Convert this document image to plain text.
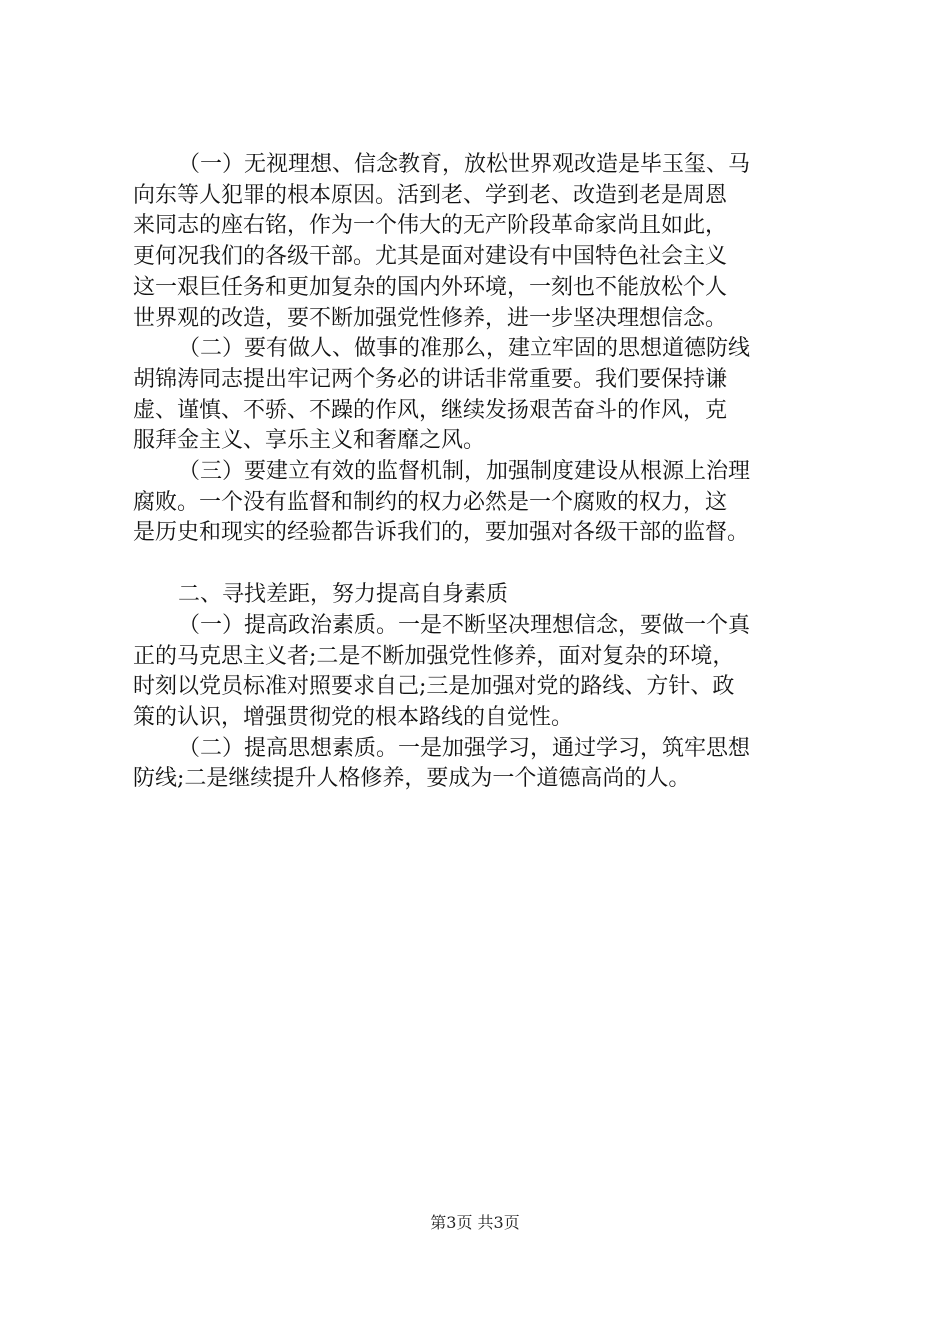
（一）无视理想、信念教育，放松世界观改造是毕玉玺、马
向东等人犯罪的根本原因。活到老、学到老、改造到老是周恩
来同志的座右铭，作为一个伟大的无产阶段革命家尚且如此，
更何况我们的各级干部。尤其是面对建设有中国特色社会主义
这一艰巨任务和更加复杂的国内外环境，一刻也不能放松个人
世界观的改造，要不断加强党性修养，进一步坚决理想信念。
（二）要有做人、做事的准那么，建立牢固的思想道德防线
胡锦涛同志提出牢记两个务必的讲话非常重要。我们要保持谦
虚、谨慎、不骄、不躁的作风，继续发扬艰苦奋斗的作风，克
服拜金主义、享乐主义和奢靡之风。
（三）要建立有效的监督机制，加强制度建设从根源上治理
腐败。一个没有监督和制约的权力必然是一个腐败的权力，这
是历史和现实的经验都告诉我们的，要加强对各级干部的监督。
二、寻找差距，努力提高自身素质
（一）提高政治素质。一是不断坚决理想信念，要做一个真
正的马克思主义者;二是不断加强党性修养，面对复杂的环境，
时刻以党员标准对照要求自己;三是加强对党的路线、方针、政
策的认识，增强贯彻党的根本路线的自觉性。
（二）提高思想素质。一是加强学习，通过学习，筑牢思想
防线;二是继续提升人格修养，要成为一个道德高尚的人。
第3页 共3页
